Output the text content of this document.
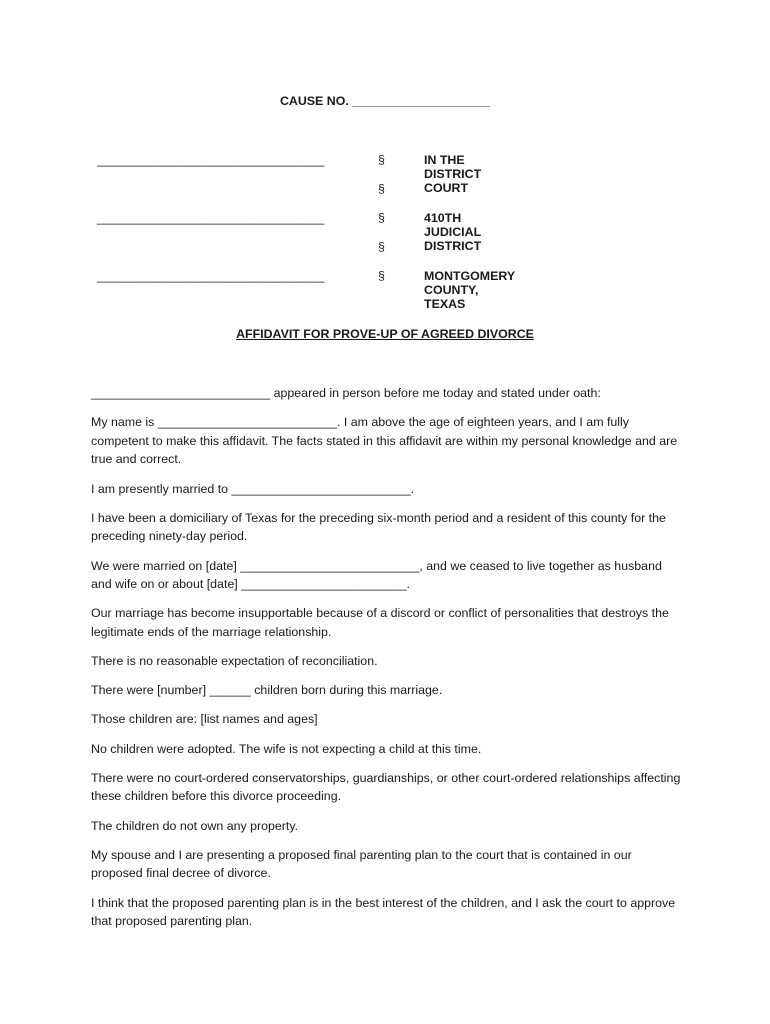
CAUSE NO. ____________________
_________________________________	§	IN THE DISTRICT COURT
§
_________________________________	§	410TH JUDICIAL DISTRICT
§
_________________________________	§	MONTGOMERY COUNTY, TEXAS
AFFIDAVIT FOR PROVE-UP OF AGREED DIVORCE

__________________________ appeared in person before me today and stated under oath:

My name is __________________________. I am above the age of eighteen years, and I am fully competent to make this affidavit. The facts stated in this affidavit are within my personal knowledge and are true and correct.

I am presently married to __________________________.

I have been a domiciliary of Texas for the preceding six-month period and a resident of this county for the preceding ninety-day period.

We were married on [date] __________________________, and we ceased to live together as husband and wife on or about [date] ________________________.

Our marriage has become insupportable because of a discord or conflict of personalities that destroys the legitimate ends of the marriage relationship.

There is no reasonable expectation of reconciliation.

There were [number] ______ children born during this marriage.

Those children are: [list names and ages]

No children were adopted. The wife is not expecting a child at this time.

There were no court-ordered conservatorships, guardianships, or other court-ordered relationships affecting these children before this divorce proceeding.

The children do not own any property.

My spouse and I are presenting a proposed final parenting plan to the court that is contained in our proposed final decree of divorce.

I think that the proposed parenting plan is in the best interest of the children, and I ask the court to approve that proposed parenting plan.
